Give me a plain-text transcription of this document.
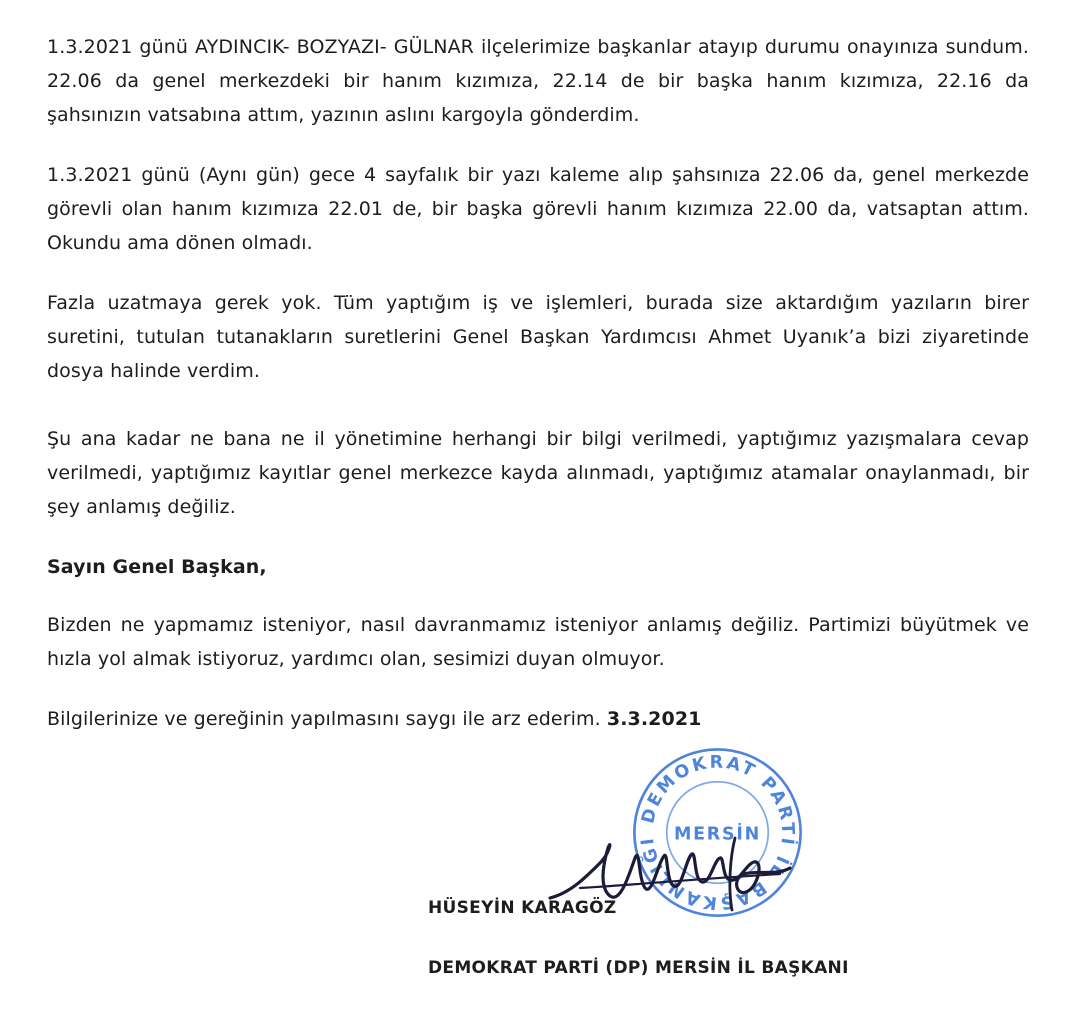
1.3.2021 günü AYDINCIK- BOZYAZI- GÜLNAR ilçelerimize başkanlar atayıp durumu onayınıza sundum. 22.06 da genel merkezdeki bir hanım kızımıza, 22.14 de bir başka hanım kızımıza, 22.16 da şahsınızın vatsabına attım, yazının aslını kargoyla gönderdim.

1.3.2021 günü (Aynı gün) gece 4 sayfalık bir yazı kaleme alıp şahsınıza 22.06 da, genel merkezde görevli olan hanım kızımıza 22.01 de, bir başka görevli hanım kızımıza 22.00 da, vatsaptan attım. Okundu ama dönen olmadı.

Fazla uzatmaya gerek yok. Tüm yaptığım iş ve işlemleri, burada size aktardığım yazıların birer suretini, tutulan tutanakların suretlerini Genel Başkan Yardımcısı Ahmet Uyanık’a bizi ziyaretinde dosya halinde verdim.

Şu ana kadar ne bana ne il yönetimine herhangi bir bilgi verilmedi, yaptığımız yazışmalara cevap verilmedi, yaptığımız kayıtlar genel merkezce kayda alınmadı, yaptığımız atamalar onaylanmadı, bir şey anlamış değiliz.

Sayın Genel Başkan,

Bizden ne yapmamız isteniyor, nasıl davranmamız isteniyor anlamış değiliz. Partimizi büyütmek ve hızla yol almak istiyoruz, yardımcı olan, sesimizi duyan olmuyor.

Bilgilerinize ve gereğinin yapılmasını saygı ile arz ederim. 3.3.2021

DEMOKRAT PARTİ İL BAŞKANLIĞI MERSİN
HÜSEYİN KARAGÖZ
DEMOKRAT PARTİ (DP) MERSİN İL BAŞKANI
